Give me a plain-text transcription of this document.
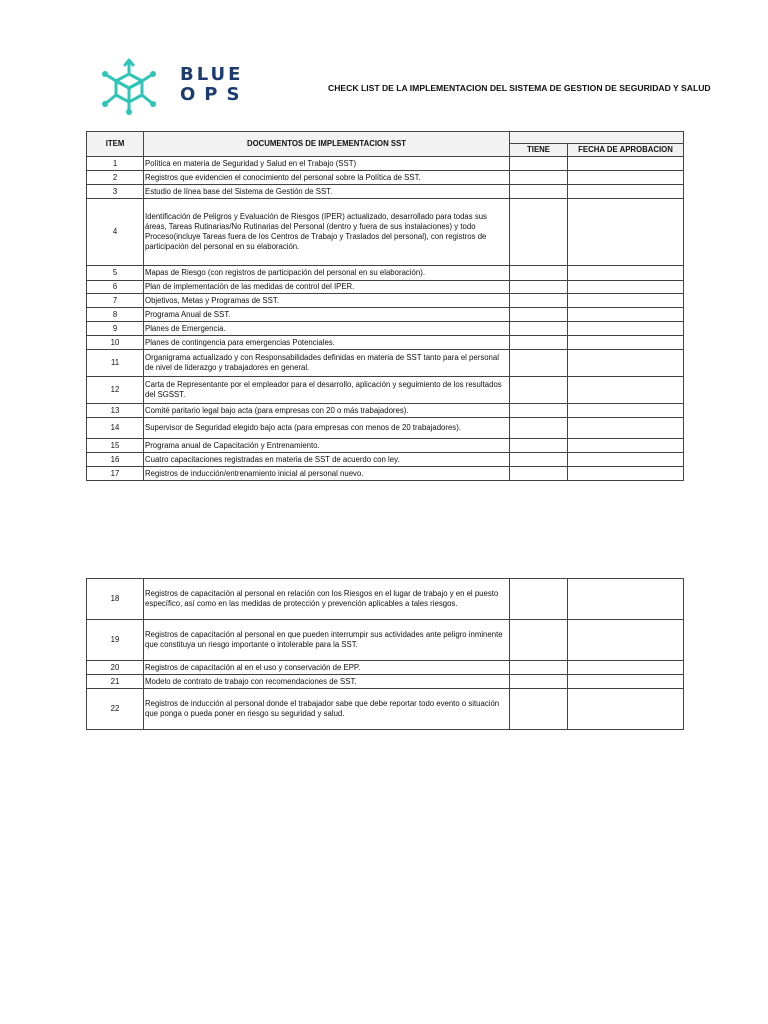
BLUE
OPS	CHECK LIST DE LA IMPLEMENTACION DEL SISTEMA DE GESTION DE SEGURIDAD Y SALUD
ITEM	DOCUMENTOS DE IMPLEMENTACION SST		
		TIENE	FECHA DE APROBACION
1	Política en materia de Seguridad y Salud en el Trabajo (SST)		
2	Registros que evidencien el conocimiento del personal sobre la Política de SST.		
3	Estudio de línea base del Sistema de Gestión de SST.		
4	Identificación de Peligros y Evaluación de Riesgos (IPER) actualizado, desarrollado para todas sus áreas, Tareas Rutinarias/No Rutinarias del Personal (dentro y fuera de sus instalaciones) y todo Proceso(incluye Tareas fuera de los Centros de Trabajo y Traslados del personal), con registros de participación del personal en su elaboración.		
5	Mapas de Riesgo (con registros de participación del personal en su elaboración).		
6	Plan de implementación de las medidas de control del IPER.		
7	Objetivos, Metas y Programas de SST.		
8	Programa Anual de SST.		
9	Planes de Emergencia.		
10	Planes de contingencia para emergencias Potenciales.		
11	Organigrama actualizado y con Responsabilidades definidas en materia de SST tanto para el personal de nivel de liderazgo y trabajadores en general.		
12	Carta de Representante por el empleador para el desarrollo, aplicación y seguimiento de los resultados del SGSST.		
13	Comité paritario legal bajo acta (para empresas con 20 o más trabajadores).		
14	Supervisor de Seguridad elegido bajo acta (para empresas con menos de 20 trabajadores).		
15	Programa anual de Capacitación y Entrenamiento.		
16	Cuatro capacitaciones registradas en materia de SST de acuerdo con ley.		
17	Registros de inducción/entrenamiento inicial al personal nuevo.		
18	Registros de capacitación al personal en relación con los Riesgos en el lugar de trabajo y en el puesto específico, así como en las medidas de protección y prevención aplicables a tales riesgos.		
19	Registros de capacitación al personal en que pueden interrumpir sus actividades ante peligro inminente que constituya un riesgo importante o intolerable para la SST.		
20	Registros de capacitación al en el uso y conservación de EPP.		
21	Modelo de contrato de trabajo con recomendaciones de SST.		
22	Registros de inducción al personal donde el trabajador sabe que debe reportar todo evento o situación que ponga o pueda poner en riesgo su seguridad y salud.		
